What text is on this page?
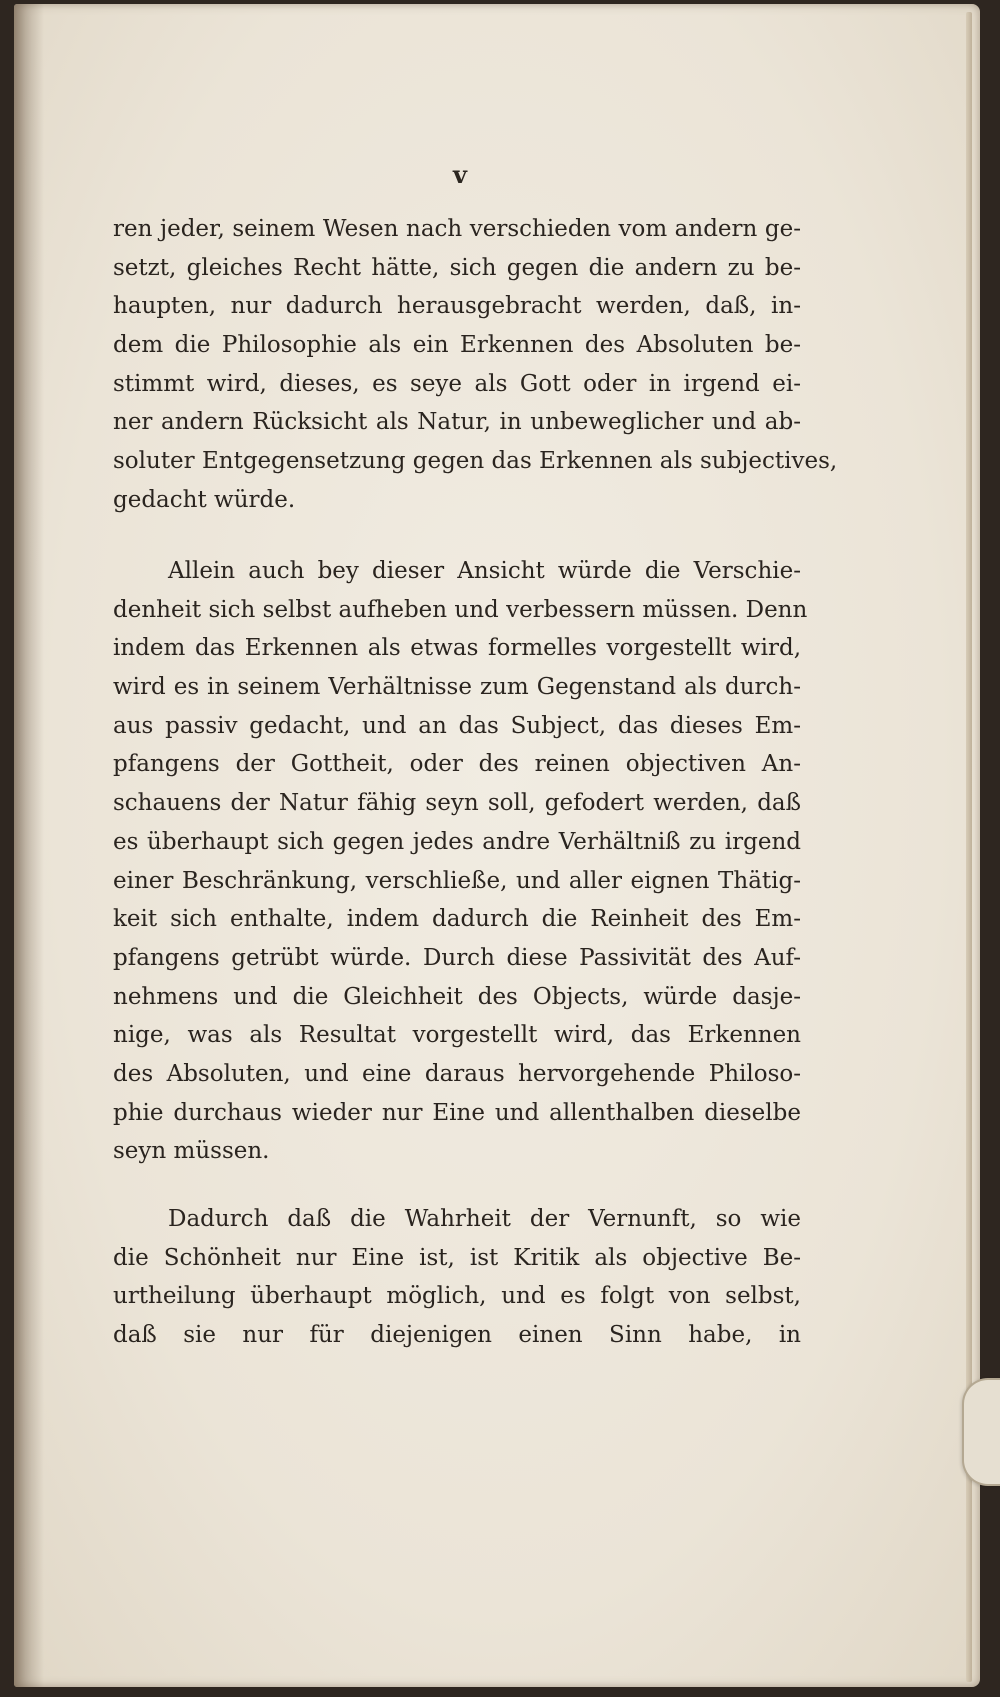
v
ren jeder, seinem Wesen nach verschieden vom andern ge-
setzt, gleiches Recht hätte, sich gegen die andern zu be-
haupten, nur dadurch herausgebracht werden, daß, in-
dem die Philosophie als ein Erkennen des Absoluten be-
stimmt wird, dieses, es seye als Gott oder in irgend ei-
ner andern Rücksicht als Natur, in unbeweglicher und ab-
soluter Entgegensetzung gegen das Erkennen als subjectives,
gedacht würde.
Allein auch bey dieser Ansicht würde die Verschie-
denheit sich selbst aufheben und verbessern müssen. Denn
indem das Erkennen als etwas formelles vorgestellt wird,
wird es in seinem Verhältnisse zum Gegenstand als durch-
aus passiv gedacht, und an das Subject, das dieses Em-
pfangens der Gottheit, oder des reinen objectiven An-
schauens der Natur fähig seyn soll, gefodert werden, daß
es überhaupt sich gegen jedes andre Verhältniß zu irgend
einer Beschränkung, verschließe, und aller eignen Thätig-
keit sich enthalte, indem dadurch die Reinheit des Em-
pfangens getrübt würde. Durch diese Passivität des Auf-
nehmens und die Gleichheit des Objects, würde dasje-
nige, was als Resultat vorgestellt wird, das Erkennen
des Absoluten, und eine daraus hervorgehende Philoso-
phie durchaus wieder nur Eine und allenthalben dieselbe
seyn müssen.
Dadurch daß die Wahrheit der Vernunft, so wie
die Schönheit nur Eine ist, ist Kritik als objective Be-
urtheilung überhaupt möglich, und es folgt von selbst,
daß sie nur für diejenigen einen Sinn habe, in
